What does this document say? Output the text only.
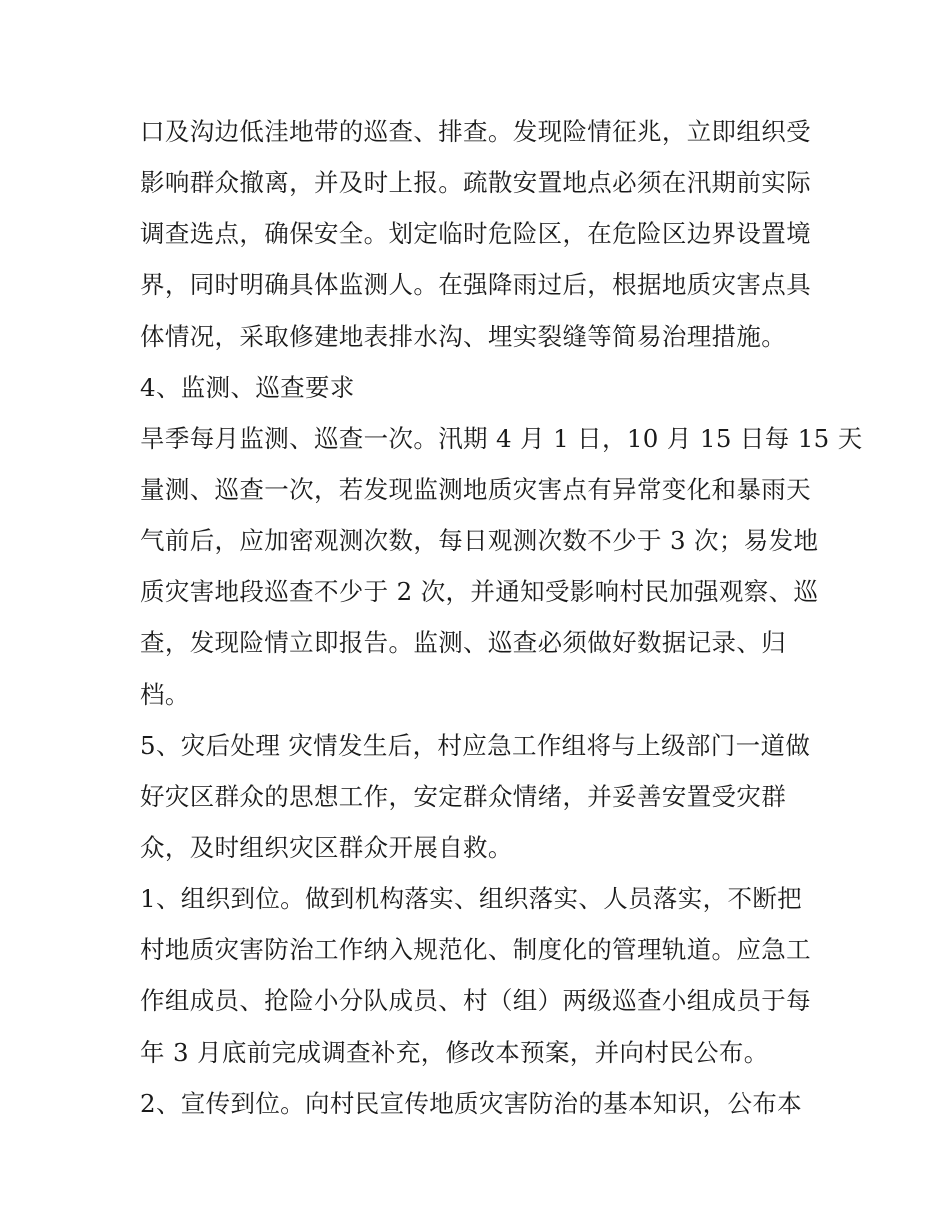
口及沟边低洼地带的巡查、排查。发现险情征兆，立即组织受
影响群众撤离，并及时上报。疏散安置地点必须在汛期前实际
调查选点，确保安全。划定临时危险区，在危险区边界设置境
界，同时明确具体监测人。在强降雨过后，根据地质灾害点具
体情况，采取修建地表排水沟、埋实裂缝等简易治理措施。
4、监测、巡查要求
旱季每月监测、巡查一次。汛期 4 月 1 日，10 月 15 日每 15 天
量测、巡查一次，若发现监测地质灾害点有异常变化和暴雨天
气前后，应加密观测次数，每日观测次数不少于 3 次；易发地
质灾害地段巡查不少于 2 次，并通知受影响村民加强观察、巡
查，发现险情立即报告。监测、巡查必须做好数据记录、归
档。
5、灾后处理 灾情发生后，村应急工作组将与上级部门一道做
好灾区群众的思想工作，安定群众情绪，并妥善安置受灾群
众，及时组织灾区群众开展自救。
1、组织到位。做到机构落实、组织落实、人员落实，不断把
村地质灾害防治工作纳入规范化、制度化的管理轨道。应急工
作组成员、抢险小分队成员、村（组）两级巡查小组成员于每
年 3 月底前完成调查补充，修改本预案，并向村民公布。
2、宣传到位。向村民宣传地质灾害防治的基本知识，公布本
